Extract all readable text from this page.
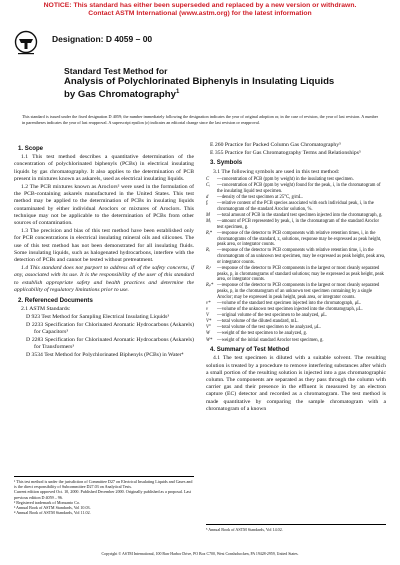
NOTICE: This standard has either been superseded and replaced by a new version or withdrawn.
Contact ASTM International (www.astm.org) for the latest information
Designation: D 4059 – 00
Standard Test Method for
Analysis of Polychlorinated Biphenyls in Insulating Liquids
by Gas Chromatography$^1$
This standard is issued under the fixed designation D 4059; the number immediately following the designation indicates the year of original adoption or, in the case of revision, the year of last revision. A number in parentheses indicates the year of last reapproval. A superscript epsilon (ε) indicates an editorial change since the last revision or reapproval.
1. Scope
1.1 This test method describes a quantitative determination of the concentration of polychlorinated biphenyls (PCBs) in electrical insulating liquids by gas chromatography. It also applies to the determination of PCB present in mixtures known as askarels, used as electrical insulating liquids.
1.2 The PCB mixtures known as Aroclors² were used in the formulation of the PCB-containing askarels manufactured in the United States. This test method may be applied to the determination of PCBs in insulating liquids contaminated by either individual Aroclors or mixtures of Aroclors. This technique may not be applicable to the determination of PCBs from other sources of contamination.
1.3 The precision and bias of this test method have been established only for PCB concentrations in electrical insulating mineral oils and silicones. The use of this test method has not been demonstrated for all insulating fluids. Some insulating liquids, such as halogenated hydrocarbons, interfere with the detection of PCBs and cannot be tested without pretreatment.
1.4 This standard does not purport to address all of the safety concerns, if any, associated with its use. It is the responsibility of the user of this standard to establish appropriate safety and health practices and determine the applicability of regulatory limitations prior to use.
2. Referenced Documents
2.1 ASTM Standards:
D 923 Test Method for Sampling Electrical Insulating Liquids³
D 2233 Specification for Chlorinated Aromatic Hydrocarbons (Askarels) for Capacitors³
D 2283 Specification for Chlorinated Aromatic Hydrocarbons (Askarels) for Transformers³
D 3534 Test Method for Polychlorinated Biphenyls (PCBs) in Water⁴
¹ This test method is under the jurisdiction of Committee D27 on Electrical Insulating Liquids and Gases and is the direct responsibility of Subcommittee D27.03 on Analytical Tests.
Current edition approved Oct. 10, 2000. Published December 2000. Originally published as a proposal. Last previous edition D 4059 – 96.
² Registered trademark of Monsanto Co.
³ Annual Book of ASTM Standards, Vol 10.03.
⁴ Annual Book of ASTM Standards, Vol 11.02.
E 260 Practice for Packed Column Gas Chromatography⁵
E 355 Practice for Gas Chromatography Terms and Relationships⁵
3. Symbols
3.1 The following symbols are used in this test method:
C	—concentration of PCB (ppm by weight) in the insulating test specimen.
Cᵢ	—concentration of PCB (ppm by weight) found for the peak, i, in the chromatogram of the insulating liquid test specimen.
d	—density of the test specimen at 25°C, g/mL.
fᵢ	—relative content of the PCB species associated with each individual peak, i, in the chromatogram of the standard Aroclor solution, %.
M	—total amount of PCB in the standard test specimen injected into the chromatograph, g.
Mᵢ	—amount of PCB represented by peak, i, in the chromatogram of the standard Aroclor test specimen, g.
Rᵢ*	—response of the detector to PCB components with relative retention times, i, in the chromatograms of the standard, z, solutions, response may be expressed as peak height, peak area, or integrator counts.
Rᵢ	—response of the detector to PCB components with relative retention time, i, in the chromatogram of an unknown test specimen, may be expressed as peak height, peak area, or integrator counts.
Rᵢᶻ	—response of the detector to PCB components in the largest or most cleanly separated peaks, p, in chromatograms of standard solutions; may be expressed as peak height, peak area, or integrator counts.
Rₚ* —response of the detector to PCB components in the largest or most cleanly separated peaks, p, in the chromatogram of an unknown test specimen containing by a single Aroclor; may be expressed in peak height, peak area, or integrator counts.
v*	—volume of the standard test specimen injected into the chromatograph, μL.
v	—volume of the unknown test specimen injected into the chromatograph, μL.
V	—original volume of the test specimen to be analyzed, μL.
V*	—total volume of the diluted standard, mL.
V°	—total volume of the test specimen to be analyzed, μL.
W	—weight of the test specimen to be analyzed, g.
W*	—weight of the initial standard Aroclor test specimen, g.
4. Summary of Test Method
4.1 The test specimen is diluted with a suitable solvent. The resulting solution is treated by a procedure to remove interfering substances after which a small portion of the resulting solution is injected into a gas chromatographic column. The components are separated as they pass through the column with carrier gas and their presence in the effluent is measured by an electron capture (EC) detector and recorded as a chromatogram. The test method is made quantitative by comparing the sample chromatogram with a chromatogram of a known
⁵ Annual Book of ASTM Standards, Vol 14.02.
Copyright © ASTM International, 100 Barr Harbor Drive, PO Box C700, West Conshohocken, PA 19428-2959, United States.
